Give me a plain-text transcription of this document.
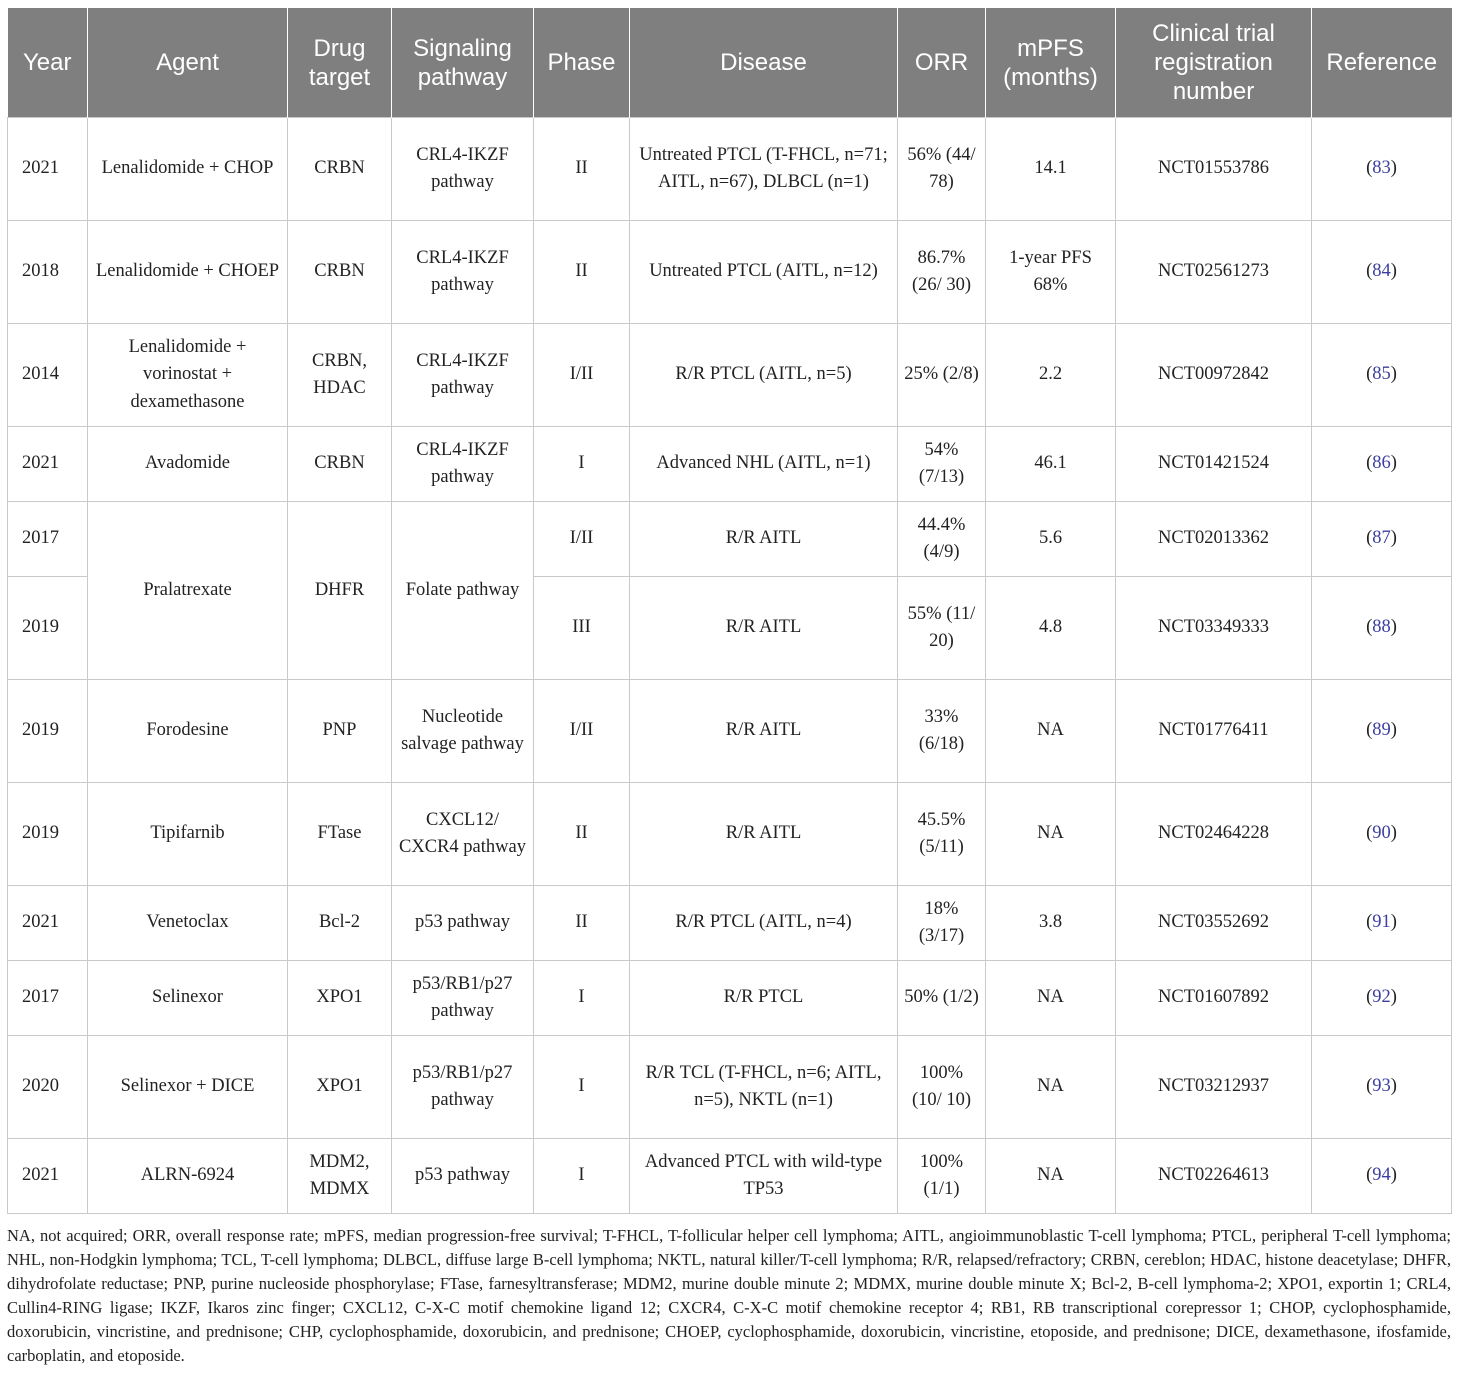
Year	Agent	Drug target	Signaling pathway	Phase	Disease	ORR	mPFS (months)	Clinical trial registration number	Reference
2021	Lenalidomide + CHOP	CRBN	CRL4-IKZF pathway	II	Untreated PTCL (T-FHCL, n=71; AITL, n=67), DLBCL (n=1)	56% (44/ 78)	14.1	NCT01553786	(83)
2018	Lenalidomide + CHOEP	CRBN	CRL4-IKZF pathway	II	Untreated PTCL (AITL, n=12)	86.7% (26/ 30)	1-year PFS 68%	NCT02561273	(84)
2014	Lenalidomide + vorinostat + dexamethasone	CRBN, HDAC	CRL4-IKZF pathway	I/II	R/R PTCL (AITL, n=5)	25% (2/8)	2.2	NCT00972842	(85)
2021	Avadomide	CRBN	CRL4-IKZF pathway	I	Advanced NHL (AITL, n=1)	54% (7/13)	46.1	NCT01421524	(86)
2017	Pralatrexate	DHFR	Folate pathway	I/II	R/R AITL	44.4% (4/9)	5.6	NCT02013362	(87)
2019				III	R/R AITL	55% (11/ 20)	4.8	NCT03349333	(88)
2019	Forodesine	PNP	Nucleotide salvage pathway	I/II	R/R AITL	33% (6/18)	NA	NCT01776411	(89)
2019	Tipifarnib	FTase	CXCL12/ CXCR4 pathway	II	R/R AITL	45.5% (5/11)	NA	NCT02464228	(90)
2021	Venetoclax	Bcl-2	p53 pathway	II	R/R PTCL (AITL, n=4)	18% (3/17)	3.8	NCT03552692	(91)
2017	Selinexor	XPO1	p53/RB1/p27 pathway	I	R/R PTCL	50% (1/2)	NA	NCT01607892	(92)
2020	Selinexor + DICE	XPO1	p53/RB1/p27 pathway	I	R/R TCL (T-FHCL, n=6; AITL, n=5), NKTL (n=1)	100% (10/ 10)	NA	NCT03212937	(93)
2021	ALRN-6924	MDM2, MDMX	p53 pathway	I	Advanced PTCL with wild-type TP53	100% (1/1)	NA	NCT02264613	(94)
NA, not acquired; ORR, overall response rate; mPFS, median progression-free survival; T-FHCL, T-follicular helper cell lymphoma; AITL, angioimmunoblastic T-cell lymphoma; PTCL, peripheral T-cell lymphoma; NHL, non-Hodgkin lymphoma; TCL, T-cell lymphoma; DLBCL, diffuse large B-cell lymphoma; NKTL, natural killer/T-cell lymphoma; R/R, relapsed/refractory; CRBN, cereblon; HDAC, histone deacetylase; DHFR, dihydrofolate reductase; PNP, purine nucleoside phosphorylase; FTase, farnesyltransferase; MDM2, murine double minute 2; MDMX, murine double minute X; Bcl-2, B-cell lymphoma-2; XPO1, exportin 1; CRL4, Cullin4-RING ligase; IKZF, Ikaros zinc finger; CXCL12, C-X-C motif chemokine ligand 12; CXCR4, C-X-C motif chemokine receptor 4; RB1, RB transcriptional corepressor 1; CHOP, cyclophosphamide, doxorubicin, vincristine, and prednisone; CHP, cyclophosphamide, doxorubicin, and prednisone; CHOEP, cyclophosphamide, doxorubicin, vincristine, etoposide, and prednisone; DICE, dexamethasone, ifosfamide, carboplatin, and etoposide.
